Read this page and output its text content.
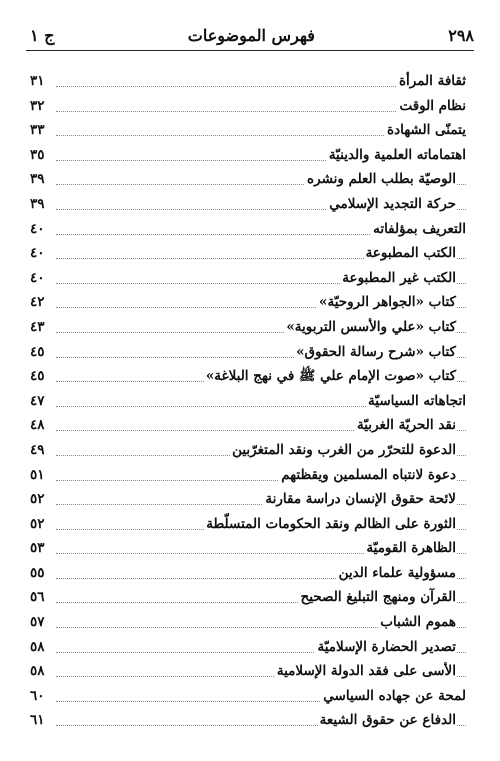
٢٩٨
فهرس الموضوعات
ج ١
ثقافة المرأة
٣١
نظام الوقت
٣٢
يتمنّى الشهادة
٣٣
اهتماماته العلمية والدينيّة
٣٥
الوصيّة بطلب العلم ونشره
٣٩
حركة التجديد الإسلامي
٣٩
التعريف بمؤلفاته
٤٠
الكتب المطبوعة
٤٠
الكتب غير المطبوعة
٤٠
كتاب «الجواهر الروحيّة»
٤٢
كتاب «علي والأسس التربوية»
٤٣
كتاب «شرح رسالة الحقوق»
٤٥
كتاب «صوت الإمام علي ﷺ في نهج البلاغة»
٤٥
اتجاهاته السياسيّة
٤٧
نقد الحريّة الغربيّة
٤٨
الدعوة للتحرّر من الغرب ونقد المتغرّبين
٤٩
دعوة لانتباه المسلمين ويقظتهم
٥١
لائحة حقوق الإنسان دراسة مقارنة
٥٢
الثورة على الظالم ونقد الحكومات المتسلّطة
٥٢
الظاهرة القوميّة
٥٣
مسؤولية علماء الدين
٥٥
القرآن ومنهج التبليغ الصحيح
٥٦
هموم الشباب
٥٧
تصدير الحضارة الإسلاميّة
٥٨
الأسى على فقد الدولة الإسلامية
٥٨
لمحة عن جهاده السياسي
٦٠
الدفاع عن حقوق الشيعة
٦١
